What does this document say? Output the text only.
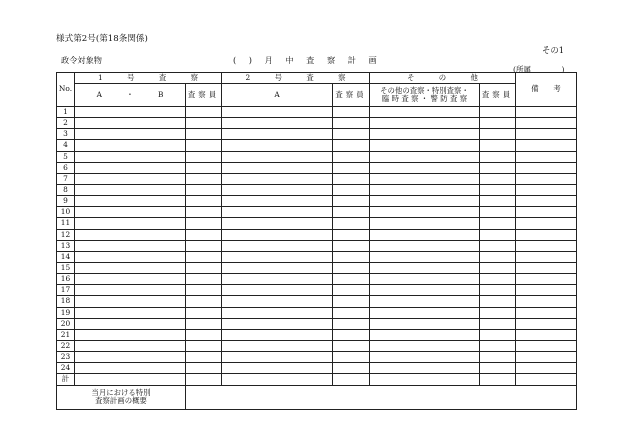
様式第2号(第18条関係)
その1
政令対象物	( ) 月 中 査 察 計 画
(所属　　　　)
No.	1 号 査 察		2 号 査 察		そ の 他		備　　考
	A ・ B	査察員	A	査察員	その他の査察・特別査察・
臨 時 査 察 ・ 警 防 査 察	査察員	
1							
2							
3							
4							
5							
6							
7							
8							
9							
10							
11							
12							
13							
14							
15							
16							
17							
18							
19							
20							
21							
22							
23							
24							
計							

当月における特別
査察計画の概要							
